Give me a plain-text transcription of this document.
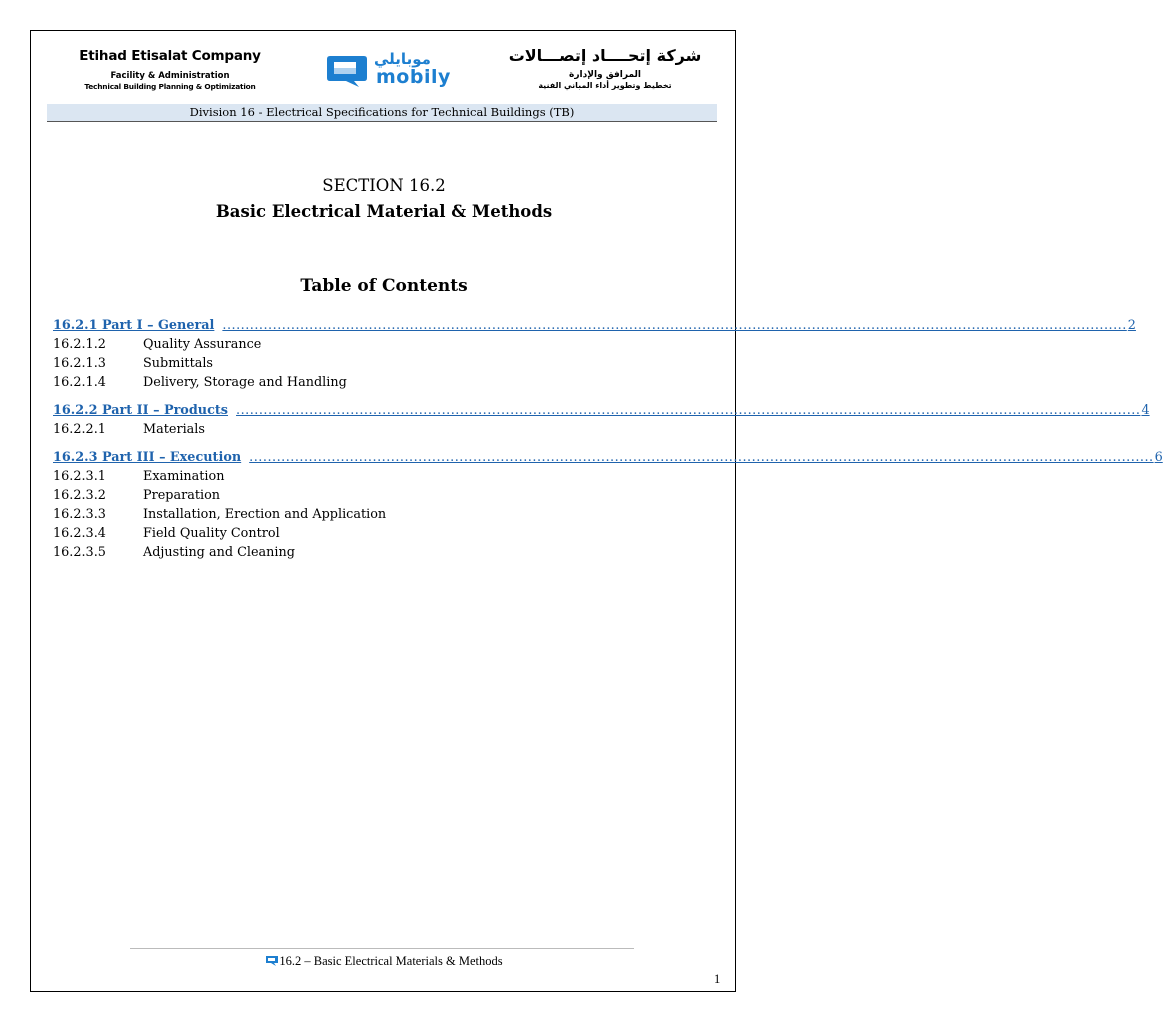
Etihad Etisalat Company
Facility & Administration
Technical Building Planning & Optimization
موبايلي
mobily
شركة إتحــــاد إتصـــالات
المرافق والإدارة
تخطيط وتطوير أداء المباني الفنية
Division 16 - Electrical Specifications for Technical Buildings (TB)
SECTION 16.2
Basic Electrical Material & Methods
Table of Contents
16.2.1 Part I – General ...................................................................................................................................................................................................... 2
16.2.1.2	Quality Assurance
16.2.1.3	Submittals
16.2.1.4	Delivery, Storage and Handling
16.2.2 Part II – Products ...................................................................................................................................................................................................... 4
16.2.2.1	Materials
16.2.3 Part III – Execution ...................................................................................................................................................................................................... 6
16.2.3.1	Examination
16.2.3.2	Preparation
16.2.3.3	Installation, Erection and Application
16.2.3.4	Field Quality Control
16.2.3.5	Adjusting and Cleaning
16.2 – Basic Electrical Materials & Methods
1
